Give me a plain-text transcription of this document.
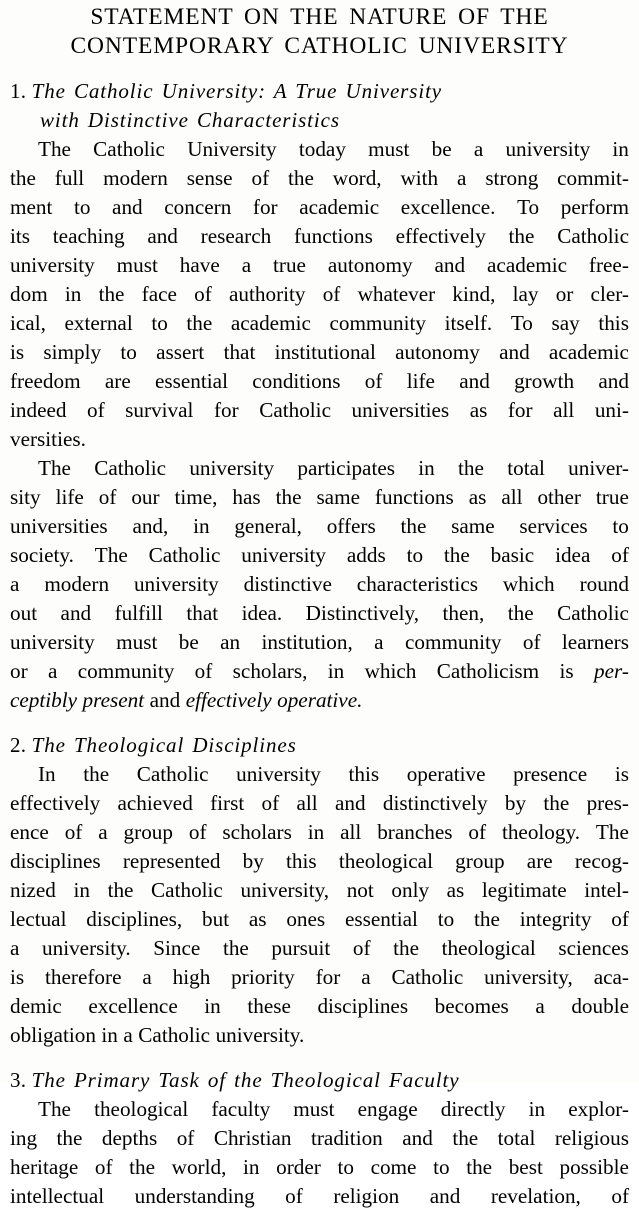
STATEMENT ON THE NATURE OF THE
CONTEMPORARY CATHOLIC UNIVERSITY
1. The Catholic University: A True University
with Distinctive Characteristics

The Catholic University today must be a university in
the full modern sense of the word, with a strong commit-
ment to and concern for academic excellence. To perform
its teaching and research functions effectively the Catholic
university must have a true autonomy and academic free-
dom in the face of authority of whatever kind, lay or cler-
ical, external to the academic community itself. To say this
is simply to assert that institutional autonomy and academic
freedom are essential conditions of life and growth and
indeed of survival for Catholic universities as for all uni-
versities.

The Catholic university participates in the total univer-
sity life of our time, has the same functions as all other true
universities and, in general, offers the same services to
society. The Catholic university adds to the basic idea of
a modern university distinctive characteristics which round
out and fulfill that idea. Distinctively, then, the Catholic
university must be an institution, a community of learners
or a community of scholars, in which Catholicism is per-
ceptibly present and effectively operative.

2. The Theological Disciplines

In the Catholic university this operative presence is
effectively achieved first of all and distinctively by the pres-
ence of a group of scholars in all branches of theology. The
disciplines represented by this theological group are recog-
nized in the Catholic university, not only as legitimate intel-
lectual disciplines, but as ones essential to the integrity of
a university. Since the pursuit of the theological sciences
is therefore a high priority for a Catholic university, aca-
demic excellence in these disciplines becomes a double
obligation in a Catholic university.

3. The Primary Task of the Theological Faculty

The theological faculty must engage directly in explor-
ing the depths of Christian tradition and the total religious
heritage of the world, in order to come to the best possible
intellectual understanding of religion and revelation, of
